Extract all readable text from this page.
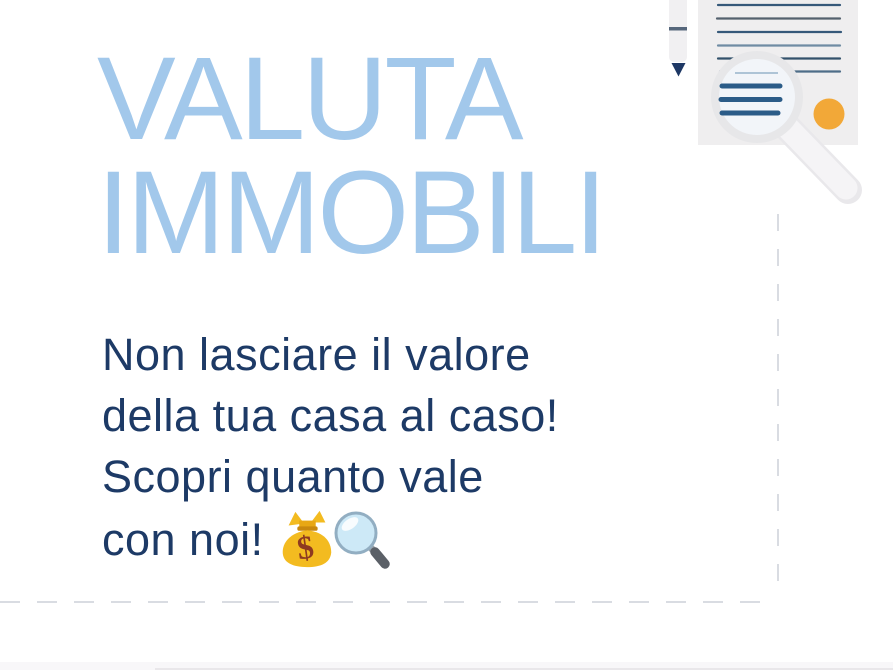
VALUTA
IMMOBILI
Non lasciare il valore
della tua casa al caso!
Scopri quanto vale
con noi! $
